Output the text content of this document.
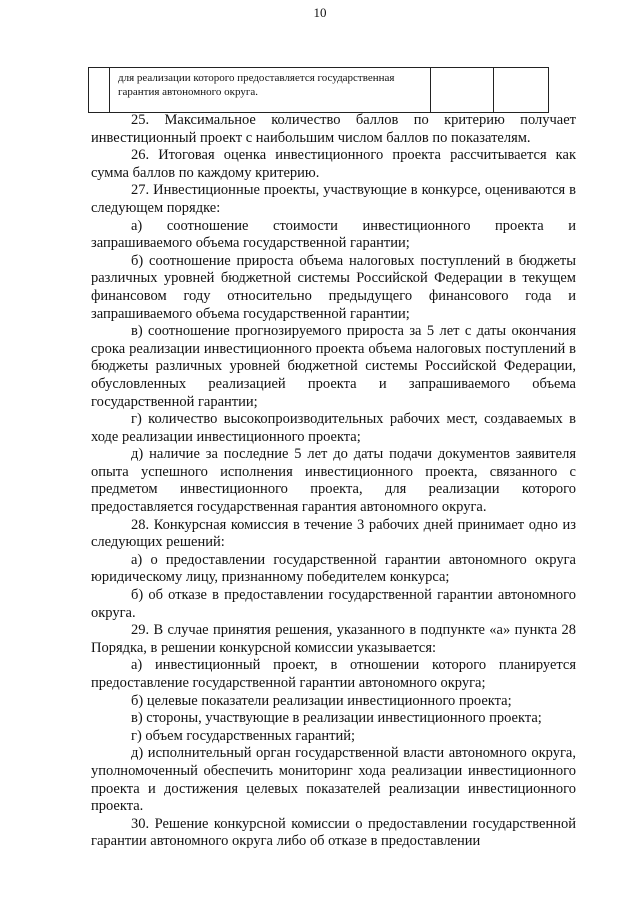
10

для реализации которого предоставляется государственная гарантия автономного округа.

25. Максимальное количество баллов по критерию получает инвестиционный проект с наибольшим числом баллов по показателям.

26. Итоговая оценка инвестиционного проекта рассчитывается как сумма баллов по каждому критерию.

27. Инвестиционные проекты, участвующие в конкурсе, оцениваются в следующем порядке:

а) соотношение стоимости инвестиционного проекта и запрашиваемого объема государственной гарантии;

б) соотношение прироста объема налоговых поступлений в бюджеты различных уровней бюджетной системы Российской Федерации в текущем финансовом году относительно предыдущего финансового года и запрашиваемого объема государственной гарантии;

в) соотношение прогнозируемого прироста за 5 лет с даты окончания срока реализации инвестиционного проекта объема налоговых поступлений в бюджеты различных уровней бюджетной системы Российской Федерации, обусловленных реализацией проекта и запрашиваемого объема государственной гарантии;

г) количество высокопроизводительных рабочих мест, создаваемых в ходе реализации инвестиционного проекта;

д) наличие за последние 5 лет до даты подачи документов заявителя опыта успешного исполнения инвестиционного проекта, связанного с предметом инвестиционного проекта, для реализации которого предоставляется государственная гарантия автономного округа.

28. Конкурсная комиссия в течение 3 рабочих дней принимает одно из следующих решений:

а) о предоставлении государственной гарантии автономного округа юридическому лицу, признанному победителем конкурса;

б) об отказе в предоставлении государственной гарантии автономного округа.

29. В случае принятия решения, указанного в подпункте «а» пункта 28 Порядка, в решении конкурсной комиссии указывается:

а) инвестиционный проект, в отношении которого планируется предоставление государственной гарантии автономного округа;

б) целевые показатели реализации инвестиционного проекта;

в) стороны, участвующие в реализации инвестиционного проекта;

г) объем государственных гарантий;

д) исполнительный орган государственной власти автономного округа, уполномоченный обеспечить мониторинг хода реализации инвестиционного проекта и достижения целевых показателей реализации инвестиционного проекта.

30. Решение конкурсной комиссии о предоставлении государственной гарантии автономного округа либо об отказе в предоставлении
